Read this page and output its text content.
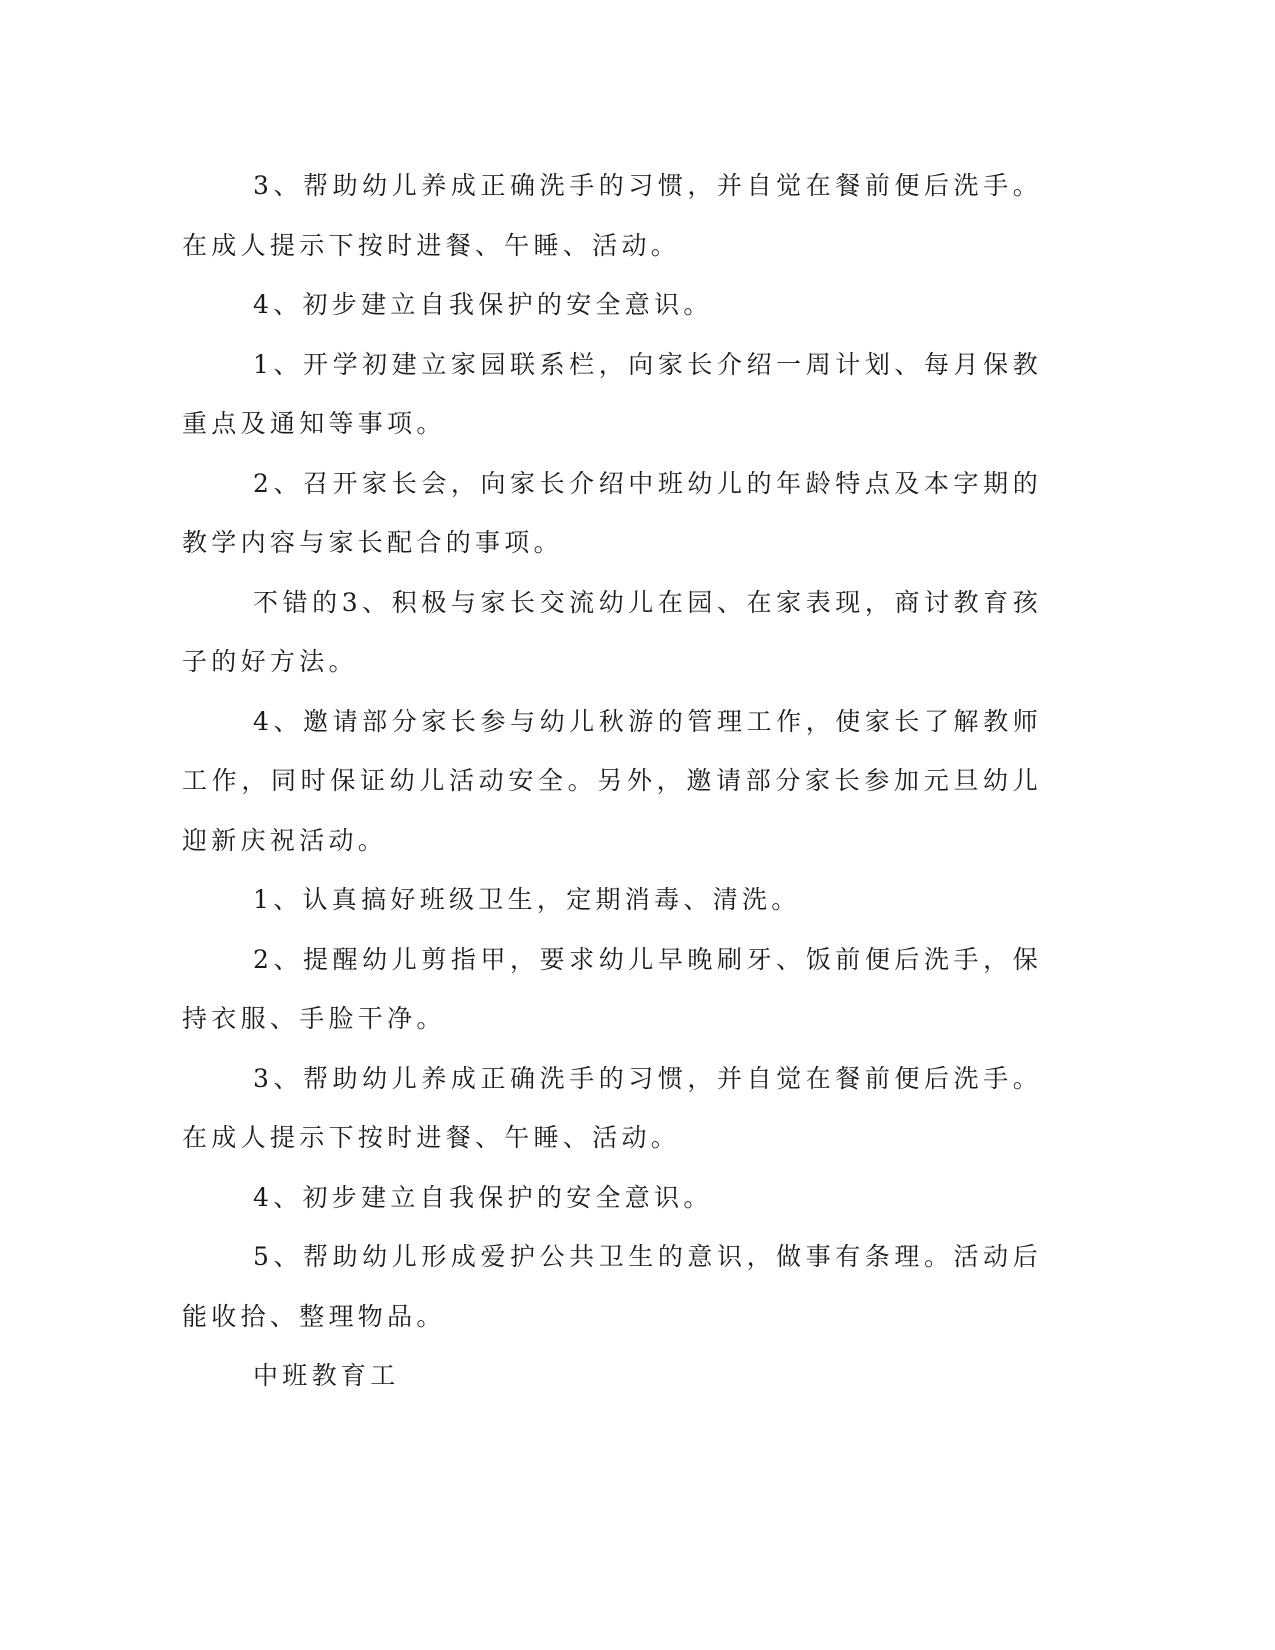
3、帮助幼儿养成正确洗手的习惯，并自觉在餐前便后洗手。在成人提示下按时进餐、午睡、活动。

4、初步建立自我保护的安全意识。

1、开学初建立家园联系栏，向家长介绍一周计划、每月保教重点及通知等事项。

2、召开家长会，向家长介绍中班幼儿的年龄特点及本字期的教学内容与家长配合的事项。

不错的3、积极与家长交流幼儿在园、在家表现，商讨教育孩子的好方法。

4、邀请部分家长参与幼儿秋游的管理工作，使家长了解教师工作，同时保证幼儿活动安全。另外，邀请部分家长参加元旦幼儿迎新庆祝活动。

1、认真搞好班级卫生，定期消毒、清洗。

2、提醒幼儿剪指甲，要求幼儿早晚刷牙、饭前便后洗手，保持衣服、手脸干净。

3、帮助幼儿养成正确洗手的习惯，并自觉在餐前便后洗手。在成人提示下按时进餐、午睡、活动。

4、初步建立自我保护的安全意识。

5、帮助幼儿形成爱护公共卫生的意识，做事有条理。活动后能收拾、整理物品。

中班教育工
